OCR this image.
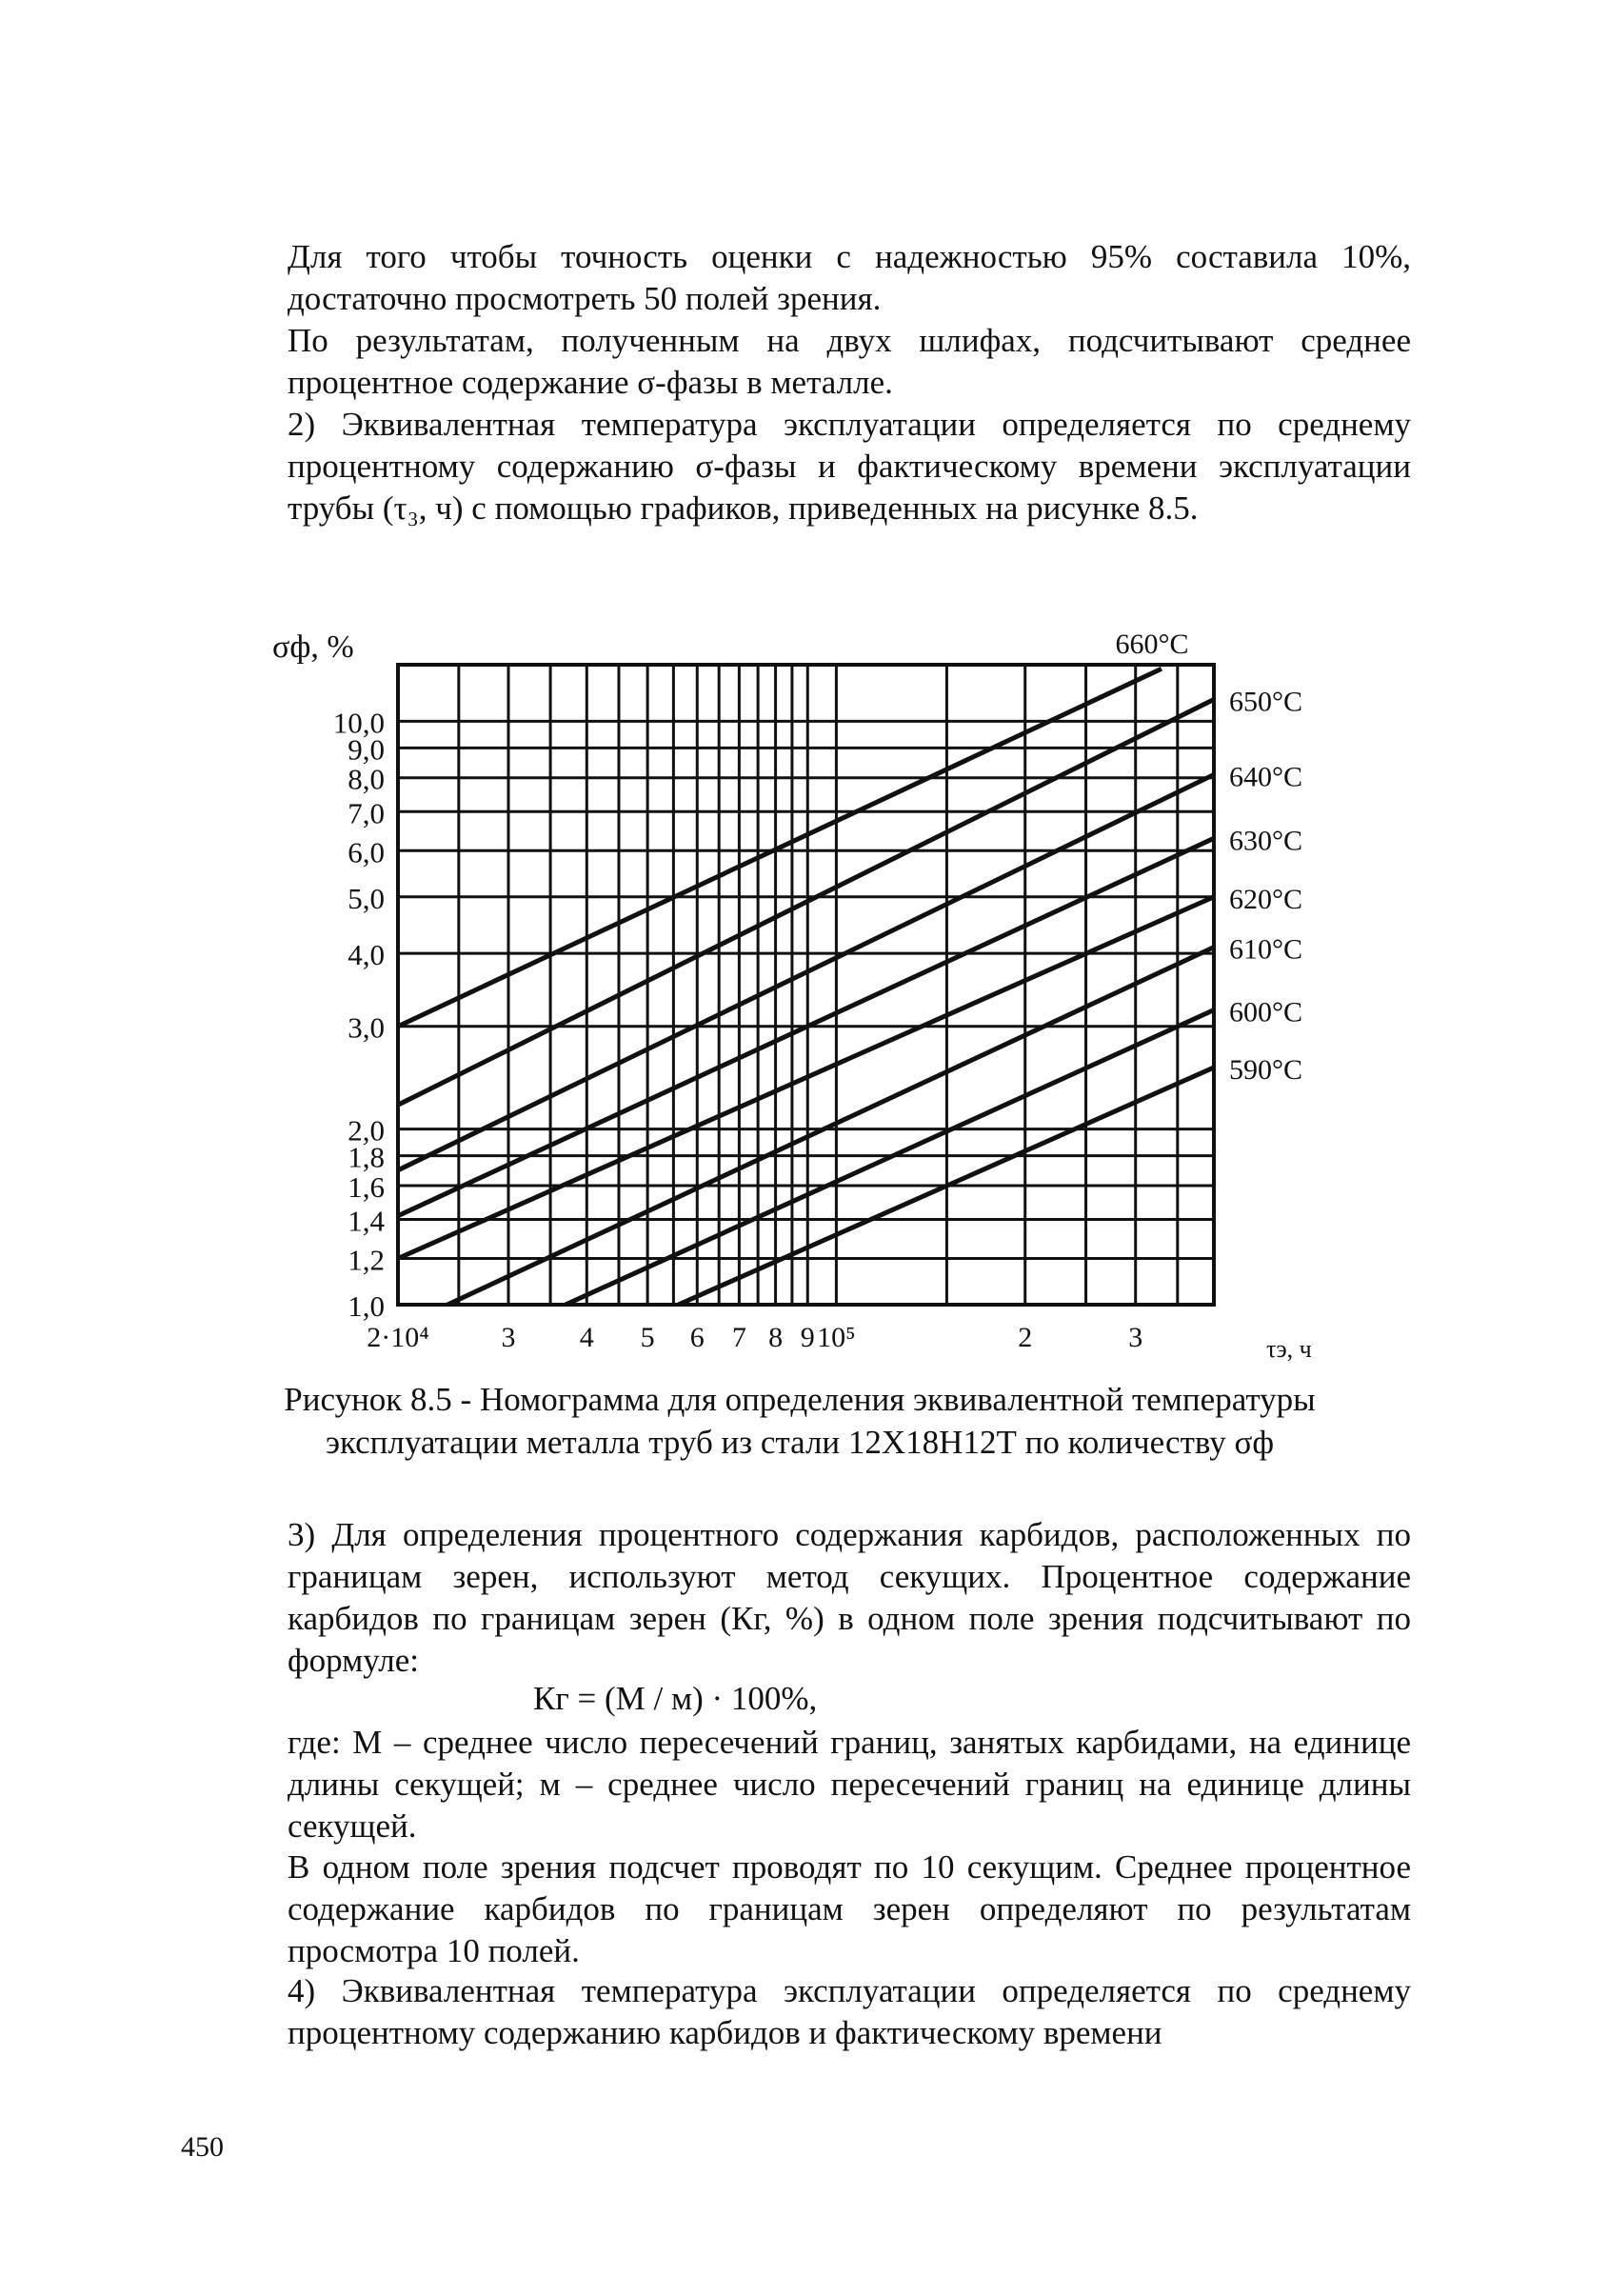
Для того чтобы точность оценки с надежностью 95% составила 10%, достаточно просмотреть 50 полей зрения.

По результатам, полученным на двух шлифах, подсчитывают среднее процентное содержание σ-фазы в металле.

2) Эквивалентная температура эксплуатации определяется по среднему процентному содержанию σ-фазы и фактическому времени эксплуатации трубы (τ₃, ч) с помощью графиков, приведенных на рисунке 8.5.

10,0
9,0
8,0
7,0
6,0
5,0
4,0
3,0
2,0
1,8
1,6
1,4
1,2
1,0
2·10⁴	3 4 5 6 7 8 9 10⁵	2	3
σф, %
τэ, ч
660°C
650°C
640°C
630°C
620°C
610°C
600°C
590°C

Рисунок 8.5 - Номограмма для определения эквивалентной температуры

эксплуатации металла труб из стали 12Х18Н12Т по количеству σф

3) Для определения процентного содержания карбидов, расположенных по границам зерен, используют метод секущих. Процентное содержание карбидов по границам зерен (Кг, %) в одном поле зрения подсчитывают по формуле:

Кг = (М / м) · 100%,

где: М – среднее число пересечений границ, занятых карбидами, на единице длины секущей; м – среднее число пересечений границ на единице длины секущей.

В одном поле зрения подсчет проводят по 10 секущим. Среднее процентное содержание карбидов по границам зерен определяют по результатам просмотра 10 полей.

4) Эквивалентная температура эксплуатации определяется по среднему процентному содержанию карбидов и фактическому времени

450
